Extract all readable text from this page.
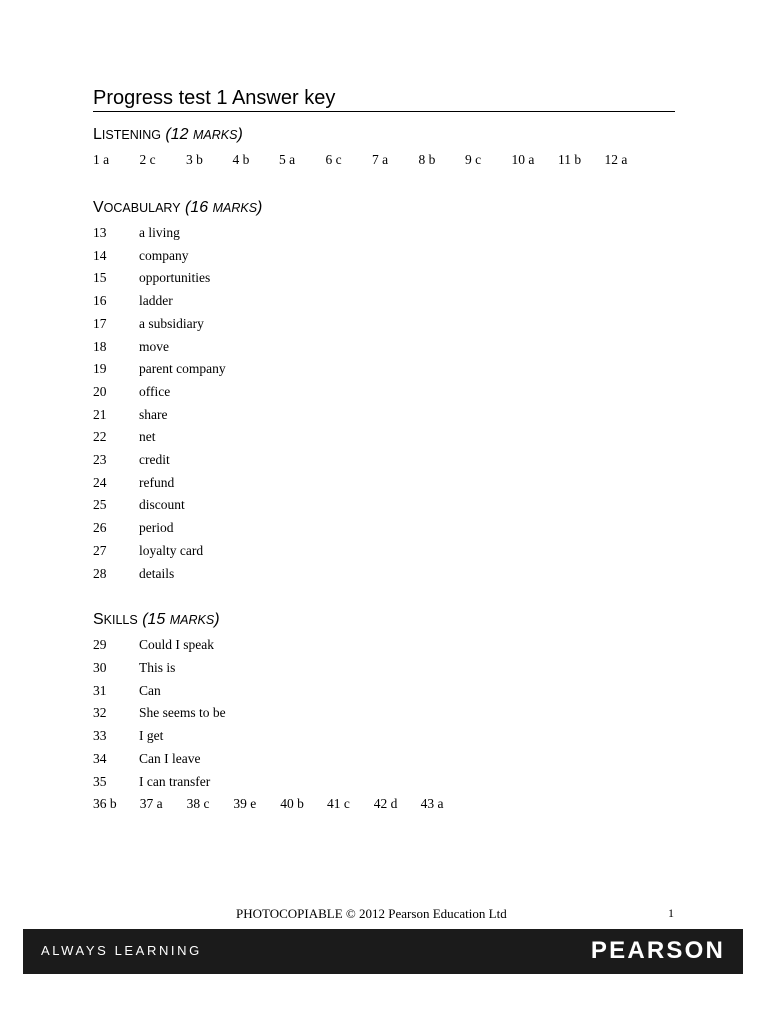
Progress test 1 Answer key
LISTENING (12 MARKS)
1 a 2 c 3 b 4 b 5 a 6 c 7 a 8 b 9 c 10 a 11 b 12 a
VOCABULARY (16 MARKS)
13 a living
14 company
15 opportunities
16 ladder
17 a subsidiary
18 move
19 parent company
20 office
21 share
22 net
23 credit
24 refund
25 discount
26 period
27 loyalty card
28 details
SKILLS (15 MARKS)
29 Could I speak
30 This is
31 Can
32 She seems to be
33 I get
34 Can I leave
35 I can transfer
36 b 37 a 38 c 39 e 40 b 41 c 42 d 43 a
PHOTOCOPIABLE © 2012 Pearson Education Ltd	1
ALWAYS LEARNING	PEARSON
